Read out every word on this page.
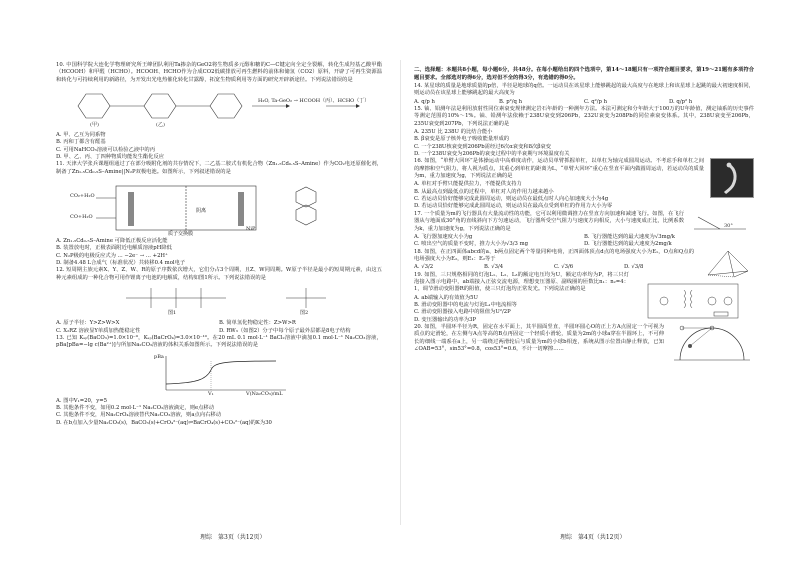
10. 中国科学院大连化学物理研究所王峰团队利用Ta掺杂的GeO2将生物质多元醇和糖的C—C键定向全定全裂解，转化生成羟基乙酸甲酯（HCOOH）和甲醛（HCHO）。HCOOH、HCHO作为合成CO2低碳排放可再生燃料的前体和储氢（CO2）原料，开辟了可再生资源温和转化与可持续利用的新路径，为开发出光电热催化转化甘露醇，拓宽生物质利用等方面的研究开辟新途径。下列说法错误的是

(甲)	(乙)
H₂O, Ta-GeO₂ → HCOOH（丙）、HCHO（丁）

A. 甲、乙互为同系物

B. 丙和丁都含有醛基

C. 可用NaHCO₃溶液可以检验乙液中的丙

D. 甲、乙、丙、丁四种物质均能发生酯化反应

11. 天津大学张兵课题组通过了在部分吸附化剂的共存情况下，二乙基二胺式有机化合物（Zn₁.₅Cd₀.₅S–Amine）作为CO₂电还原催化剂，制备了Zn₁.₅Cd₀.₅S–Amine||N₂P双极电池。如图所示，下列叙述错误的是

CO₂+H₂O
CO+H₂O
阴离
NiP
质子交换膜

A. Zn₁.₅Cd₀.₅S–Amine 可降低正极反应活化能

B. 装置放电时，正极表面附近电解质溶液pH降低

C. N₂P极的电极反应式为 ... −2e⁻ → ... +2H⁺

D. 制备4.48 L合成气（标准状况）共转移0.4 mol电子

12. 短周期主族元素X、Y、Z、W、R的原子序数依次增大，它们分占3个周期，且Z、W同周期。W原子半径是最小的短周期元素，由这五种元素组成的一种化合物可用作锂离子电池的电解质，结构如图1所示。下列说法错误的是

图1	图2
A. 原子半径：Y>Z>W>X	B. 简单氢化物稳定性：Z>W>R
C. X₂RZ 溶液显Y单质加热能稳定性	D. RW₃（如图2）分子中每个原子最外层都是8电子结构

13. 已知 Kₛₚ(BaCO₃)=1.0×10⁻⁹，Kₛₚ(BaCrO₄)=3.0×10⁻¹⁰。在20 mL 0.1 mol·L⁻¹ BaCl₂溶液中滴加0.1 mol·L⁻¹ Na₂CO₃溶液，pBa[pBa=−lg c(Ba²⁺)]与所加Na₂CO₃溶液的体积关系如图所示。下列说法错误的是

pBa
V₁	V(Na₂CO₃)/mL

A. 图中V₁=20，y=5

B. 其他条件不变，如用0.2 mol·L⁻¹ Na₂CO₃溶液滴定，则e点移动

C. 其他条件不变，用Na₂CrO₄溶液替代Na₂CO₃溶液，则a点向右移动

D. 在b点加入少量Na₂CO₃(s)，BaCO₃(s)+CrO₄²⁻(aq)⇌BaCrO₄(s)+CO₃²⁻(aq)的K为30

二、选择题：本题共8小题，每小题6分，共48分。在每小题给出的四个选项中，第14～18题只有一项符合题目要求，第19～21题有多项符合题目要求。全部选对的得6分，选对但不全的得3分，有选错的得0分。

14. 某星球的质量是地球质量的p倍，半径是地球的q倍。一运动员在该星球上能够跳起的最大高度与在地球上和该星球上起跳的最大初速度相同，则运动员在该星球上能够跳起的最大高度为

A. q/p h	B. p²/q h	C. q²/p h	D. q/p² h

15. 铀、铅测年法是利用放射性同位素衰变规律测定岩石年龄的一种测年方法。本法可测定和分年龄大于100万的U年龄值，测定铀系的历史事件等测定范围的10%～1%。铀、铅测年法依赖于238U衰变到206Pb，232U衰变为208Pb的同位素衰变体系。其中，238U衰变至206Pb，235U衰变到207Pb，下列说法正确的是

A. 235U 比 238U 的比结合能小

B. β衰变是原子核外电子吸收能量形成的

C. 一个238U核衰变到206Pb需经过6次α衰变和8次β衰变

D. 一个238U衰变为206Pb的衰变过程中的半衰期与环境温度有关

16. 如图，“单臂大回环”是体操运动中高难度动作，运动员单臂抓握单杠，以单杠为轴完成圆周运动。不考虑手和单杠之间的摩擦和空气阻力，将人视为质点，其重心到单杠的距离为L，“单臂大回环”重心在竖直平面内做圆周运动，若运动员的质量为m，重力加速度为g，下列说法正确的是

A. 单杠对手臂只能提供拉力，不能提供支持力

B. 从最高点到最低点的过程中，单杠对人的作用力越来越小

C. 若运动员恰好能够完成此圆周运动，则运动员在最低点时人向心加速度大小为4g

D. 若运动员恰好能够完成此圆周运动，则运动员在最高点受到单杠的作用力大小为零

17. 一个质量为m的飞行器具有大量流动性的功能，它可以利用微调推力在竖直方向加速和减速飞行。如图，在飞行器从与地面成30°角的直线斜向下方匀速运动，飞行器所受空气阻力与速度方向相反，大小与速度成正比，比例系数为k，重力加速度为g，下列说法正确的是

A. 飞行器加速度大小为g	B. 飞行器能达到的最大速度为√3mg/k
C. 喷出空气的质量不变时，推力大小为√3/3 mg	D. 飞行器能达到的最大速度为2mg/k
30°

18. 如图，在正四面体abcd的a、b两点固定两个等量同种电荷，正四面体顶点d点的电场强度大小为E₁，O点和Q点的电场强度大小为E₂，则E₁：E₂等于

A. √3/2	B. √3/4	C. √3/6	D. √3/8

19. 如图，三只规格相同的灯泡L₁、L₂、L₃的额定电压均为U，额定功率均为P，将三只灯泡接入图示电路中，ab端接入正弦交流电源，理想变压器原、副线圈的匝数比n₁：n₂=4：1，调节滑动变阻器R的阻值，使三只灯泡均正常发光。下列说法正确的是

A. ab端输入的有效值为5U

B. 滑动变阻器中的电流与灯泡L₁中电流相等

C. 滑动变阻器接入电路中的阻值为U²/2P

D. 变压器输出的功率为3P

20. 如图，半圆环半径为R，固定在水平面上，其半圆面竖直，半圆环圆心O的正上方A点固定一个可视为质点的定滑轮，在左侧与A点等高的B点再固定一个轻质小滑轮，质量为2m的小球a穿在半圆环上，不可伸长的细线一端系在a上，另一端绕过两滑轮后与质量为m的小球b相连，系统从图示位置由静止释放，已知∠OAB=53°，sin53°=0.8，cos53°=0.6，不计一切摩擦……

理综　第3页（共12页）	理综　第4页（共12页）
